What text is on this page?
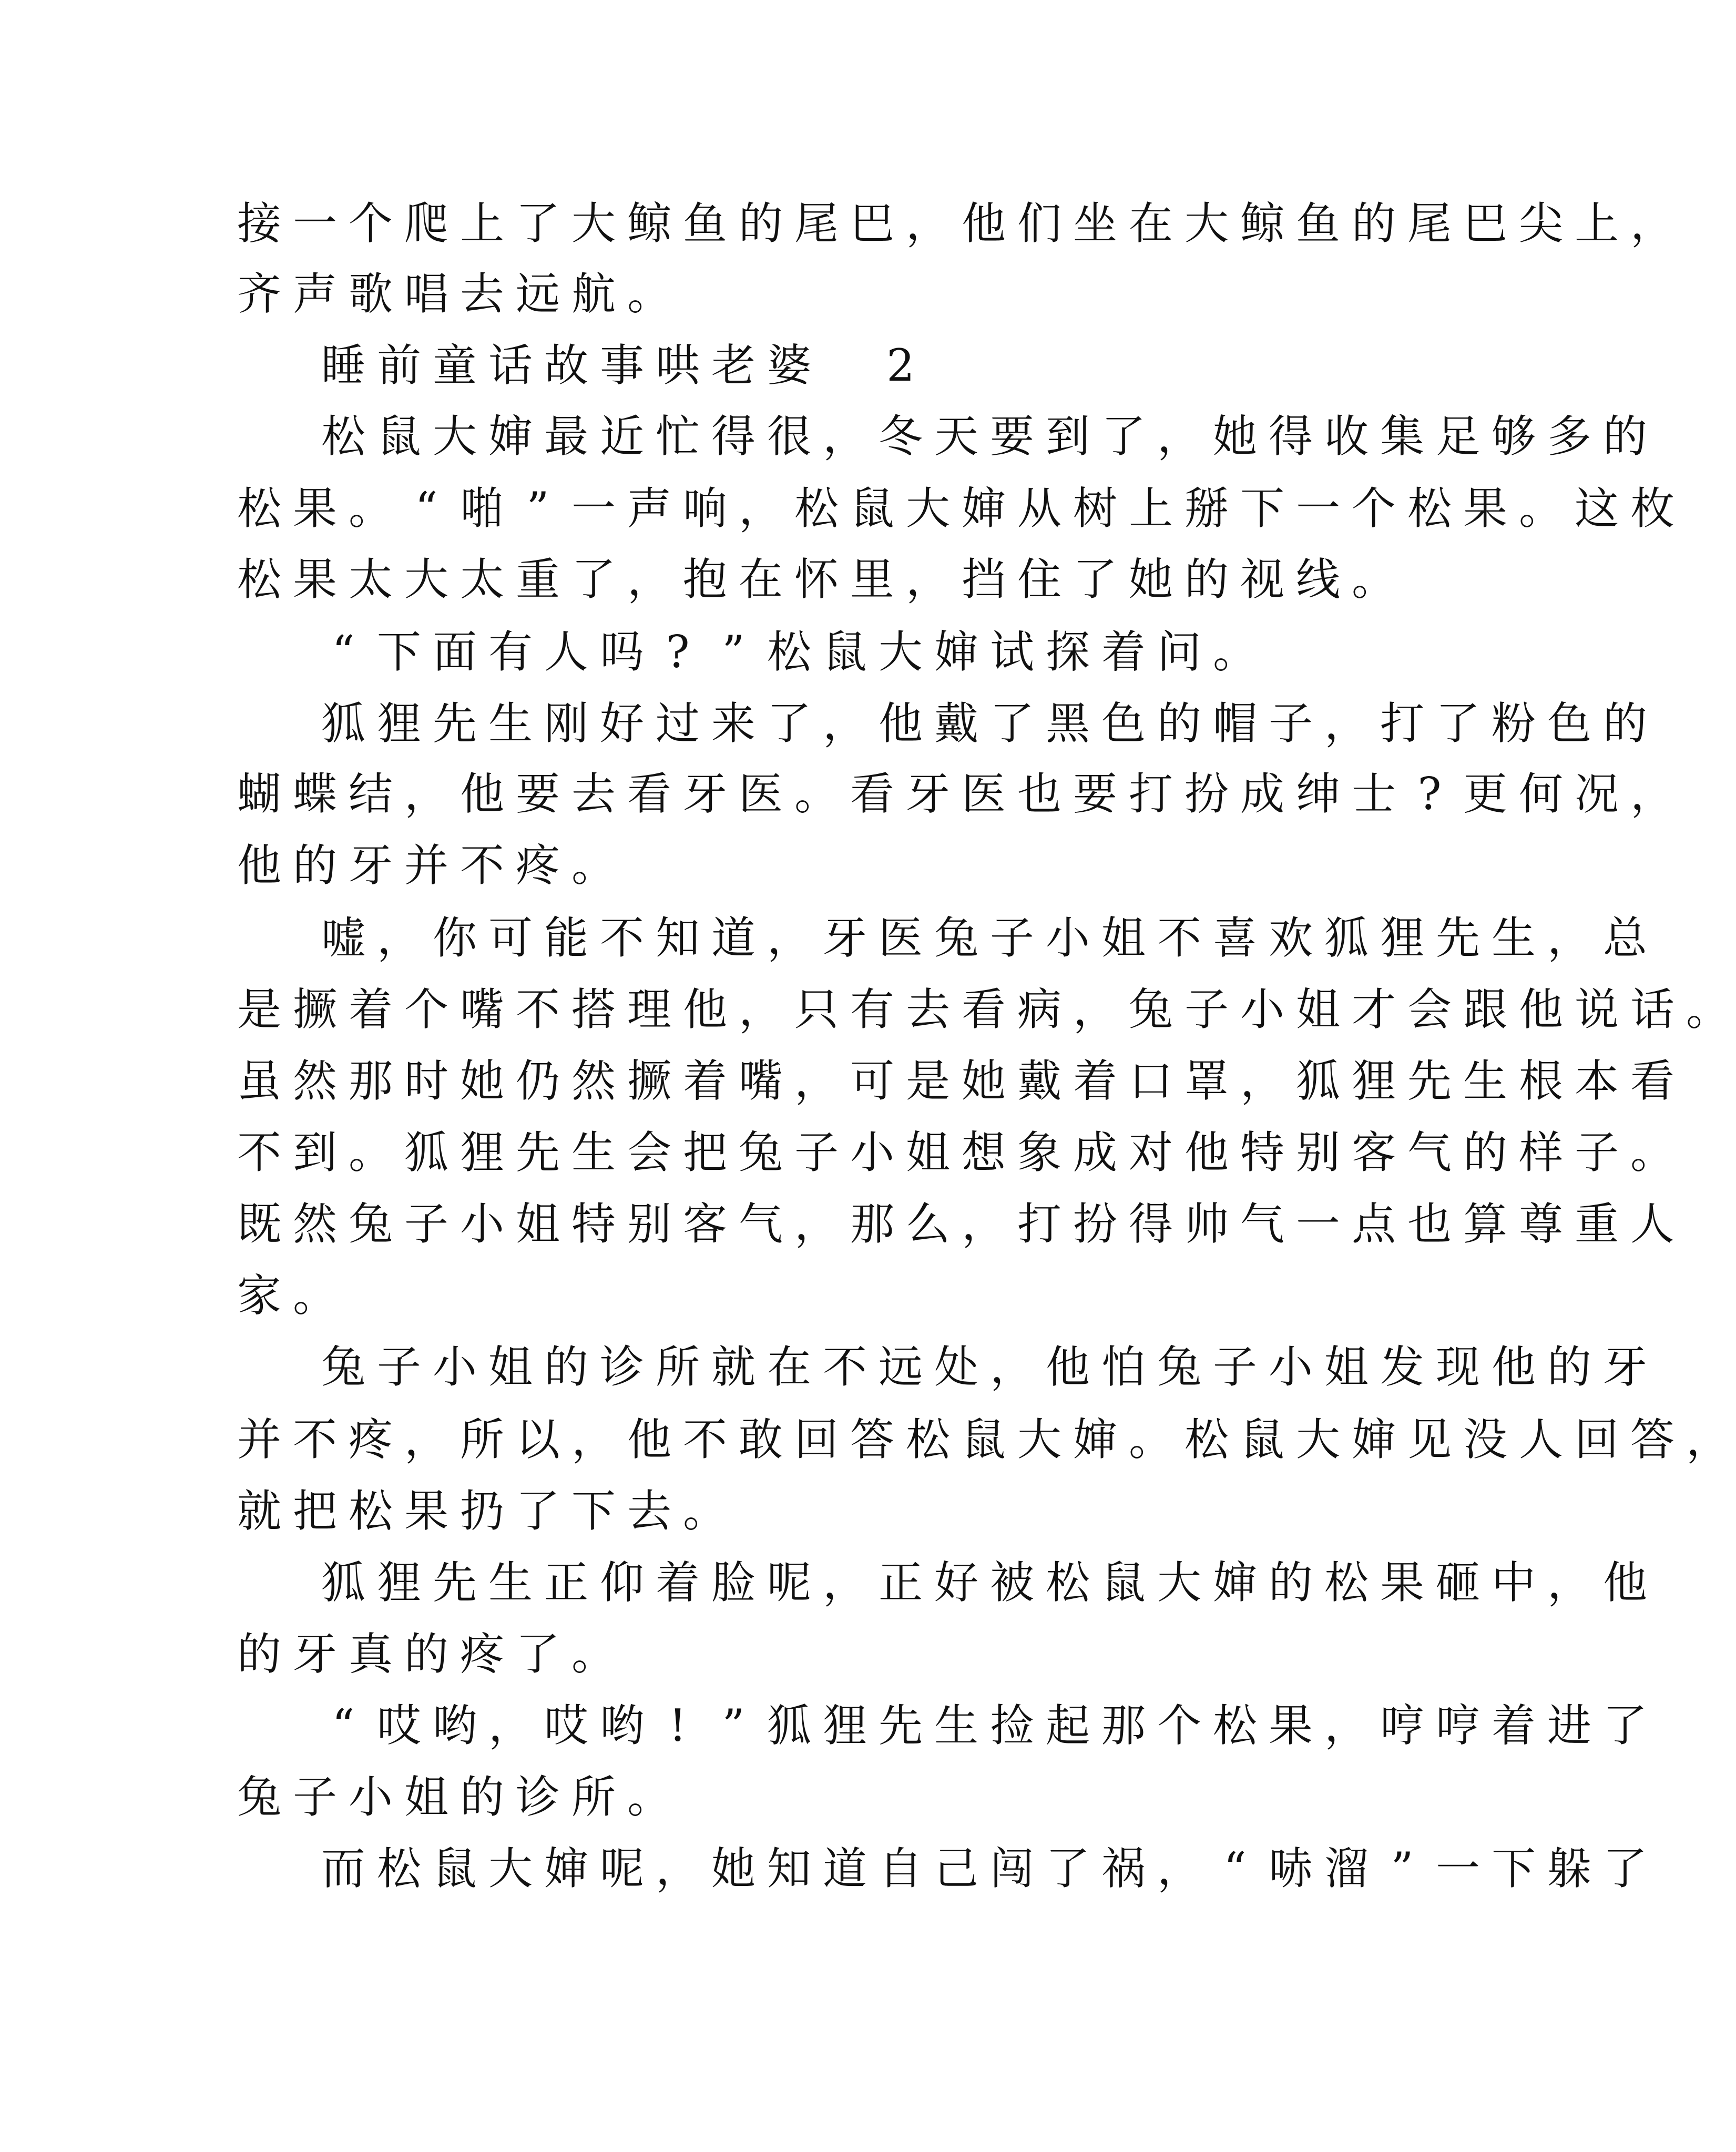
接 一 个 爬 上 了 大 鲸 鱼 的 尾 巴 ， 他 们 坐 在 大 鲸 鱼 的 尾 巴 尖 上 ，
齐 声 歌 唱 去 远 航 。
睡 前 童 话 故 事 哄 老 婆 2
松 鼠 大 婶 最 近 忙 得 很 ， 冬 天 要 到 了 ， 她 得 收 集 足 够 多 的
松 果 。 “ 啪 ” 一 声 响 ， 松 鼠 大 婶 从 树 上 掰 下 一 个 松 果 。 这 枚
松 果 太 大 太 重 了 ， 抱 在 怀 里 ， 挡 住 了 她 的 视 线 。
“ 下 面 有 人 吗 ? ” 松 鼠 大 婶 试 探 着 问 。
狐 狸 先 生 刚 好 过 来 了 ， 他 戴 了 黑 色 的 帽 子 ， 打 了 粉 色 的
蝴 蝶 结 ， 他 要 去 看 牙 医 。 看 牙 医 也 要 打 扮 成 绅 士 ? 更 何 况 ，
他 的 牙 并 不 疼 。
嘘 ， 你 可 能 不 知 道 ， 牙 医 兔 子 小 姐 不 喜 欢 狐 狸 先 生 ， 总
是 撅 着 个 嘴 不 搭 理 他 ， 只 有 去 看 病 ， 兔 子 小 姐 才 会 跟 他 说 话 。
虽 然 那 时 她 仍 然 撅 着 嘴 ， 可 是 她 戴 着 口 罩 ， 狐 狸 先 生 根 本 看
不 到 。 狐 狸 先 生 会 把 兔 子 小 姐 想 象 成 对 他 特 别 客 气 的 样 子 。
既 然 兔 子 小 姐 特 别 客 气 ， 那 么 ， 打 扮 得 帅 气 一 点 也 算 尊 重 人
家 。
兔 子 小 姐 的 诊 所 就 在 不 远 处 ， 他 怕 兔 子 小 姐 发 现 他 的 牙
并 不 疼 ， 所 以 ， 他 不 敢 回 答 松 鼠 大 婶 。 松 鼠 大 婶 见 没 人 回 答 ，
就 把 松 果 扔 了 下 去 。
狐 狸 先 生 正 仰 着 脸 呢 ， 正 好 被 松 鼠 大 婶 的 松 果 砸 中 ， 他
的 牙 真 的 疼 了 。
“ 哎 哟 ， 哎 哟 ! ” 狐 狸 先 生 捡 起 那 个 松 果 ， 哼 哼 着 进 了
兔 子 小 姐 的 诊 所 。
而 松 鼠 大 婶 呢 ， 她 知 道 自 己 闯 了 祸 ， “ 哧 溜 ” 一 下 躲 了
